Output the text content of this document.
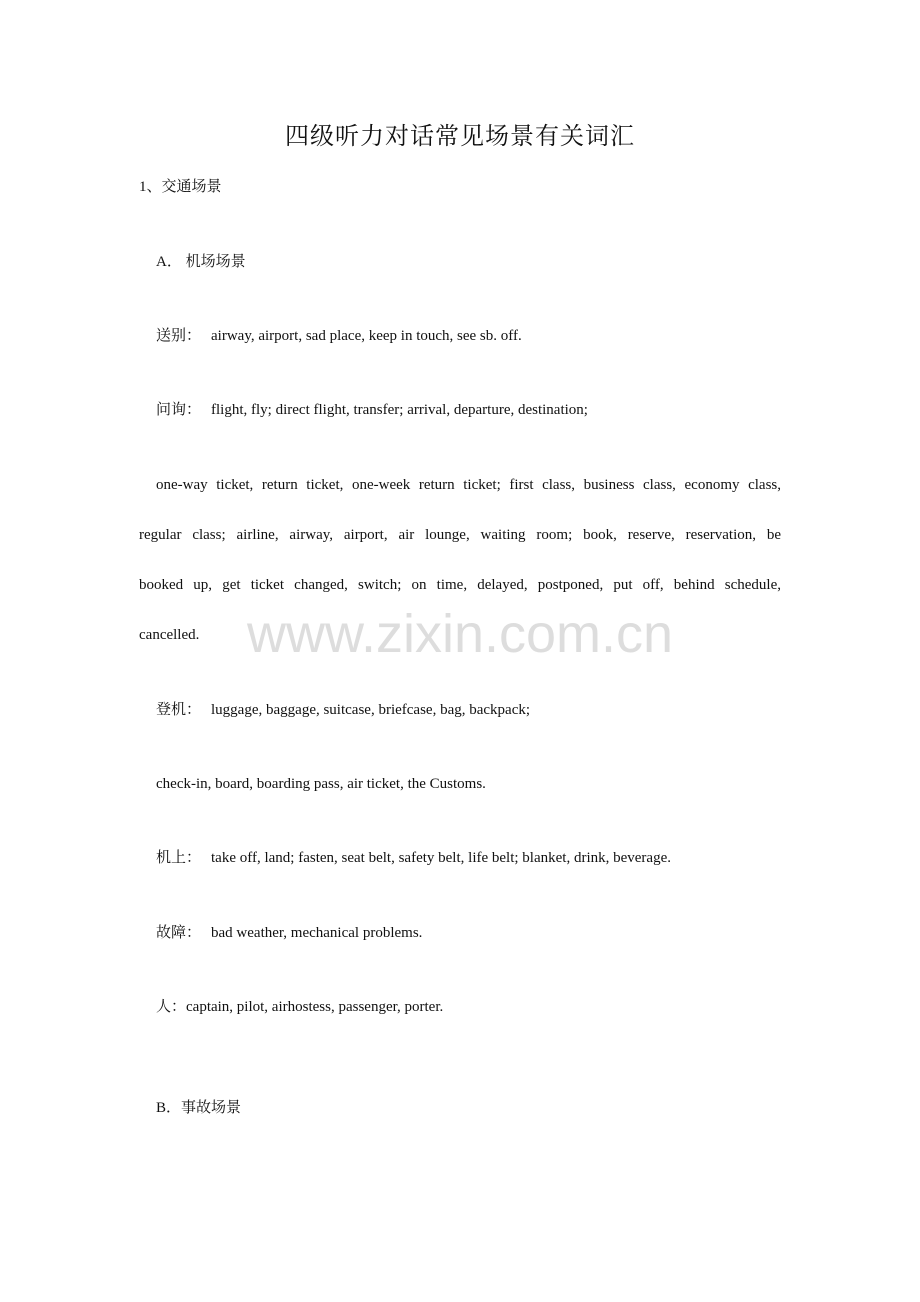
四级听力对话常见场景有关词汇
1、交通场景
A． 机场场景
送别： airway, airport, sad place, keep in touch, see sb. off.
问询： flight, fly; direct flight, transfer; arrival, departure, destination;
one-way ticket, return ticket, one-week return ticket; first class, business class, economy class,
regular class; airline, airway, airport, air lounge, waiting room; book, reserve, reservation, be
booked up, get ticket changed, switch; on time, delayed, postponed, put off, behind schedule,
cancelled.
登机： luggage, baggage, suitcase, briefcase, bag, backpack;
check-in, board, boarding pass, air ticket, the Customs.
机上： take off, land; fasten, seat belt, safety belt, life belt; blanket, drink, beverage.
故障： bad weather, mechanical problems.
人：captain, pilot, airhostess, passenger, porter.
B．事故场景
www.zixin.com.cn
